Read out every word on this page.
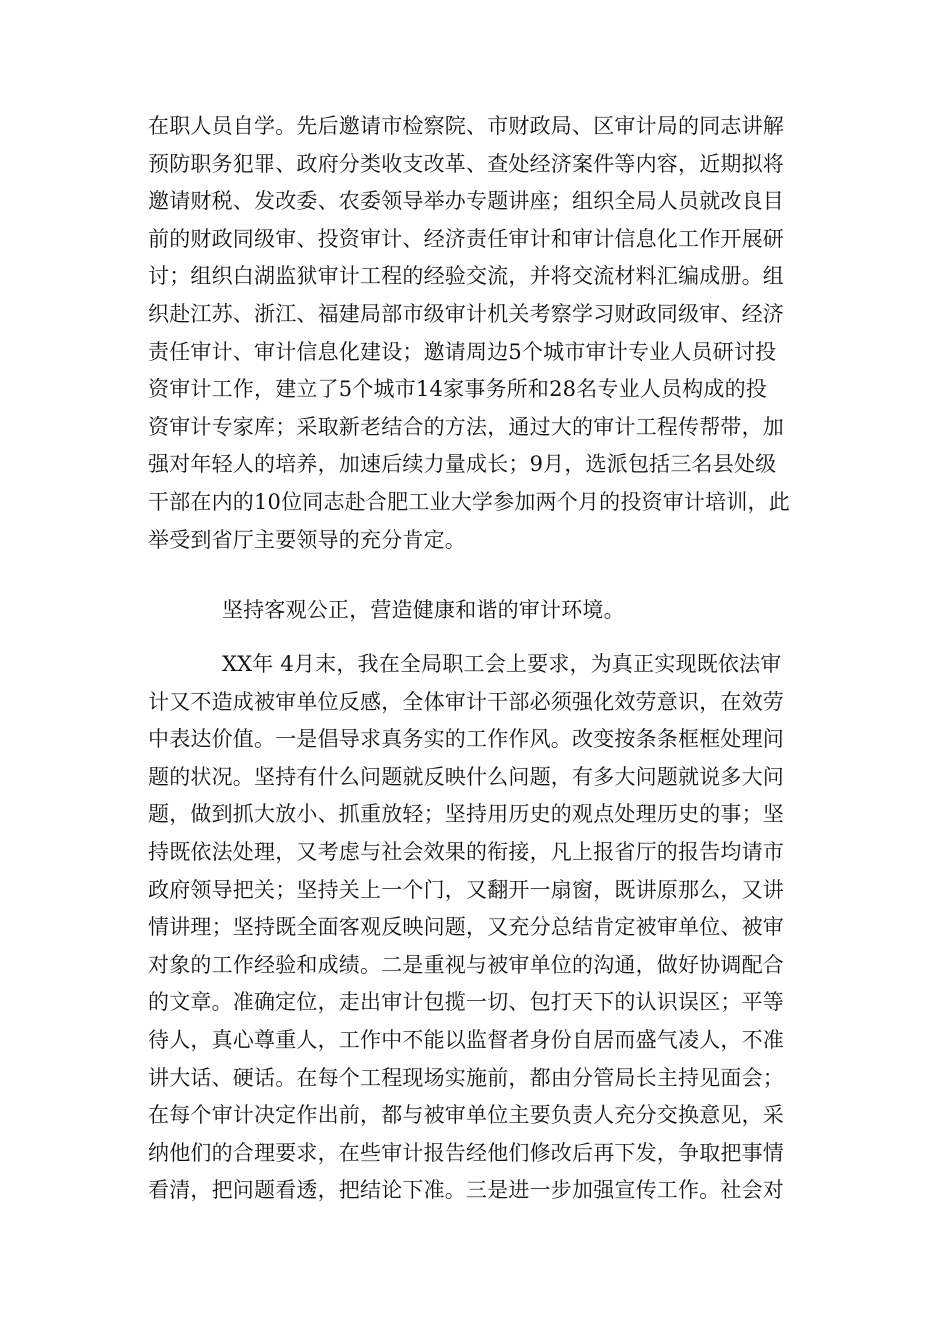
在职人员自学。先后邀请市检察院、市财政局、区审计局的同志讲解
预防职务犯罪、政府分类收支改革、查处经济案件等内容，近期拟将
邀请财税、发改委、农委领导举办专题讲座；组织全局人员就改良目
前的财政同级审、投资审计、经济责任审计和审计信息化工作开展研
讨；组织白湖监狱审计工程的经验交流，并将交流材料汇编成册。组
织赴江苏、浙江、福建局部市级审计机关考察学习财政同级审、经济
责任审计、审计信息化建设；邀请周边5个城市审计专业人员研讨投
资审计工作，建立了5个城市14家事务所和28名专业人员构成的投
资审计专家库；采取新老结合的方法，通过大的审计工程传帮带，加
强对年轻人的培养，加速后续力量成长；9月，选派包括三名县处级
干部在内的10位同志赴合肥工业大学参加两个月的投资审计培训，此
举受到省厅主要领导的充分肯定。
坚持客观公正，营造健康和谐的审计环境。
XX年 4月末，我在全局职工会上要求，为真正实现既依法审
计又不造成被审单位反感，全体审计干部必须强化效劳意识，在效劳
中表达价值。一是倡导求真务实的工作作风。改变按条条框框处理问
题的状况。坚持有什么问题就反映什么问题，有多大问题就说多大问
题，做到抓大放小、抓重放轻；坚持用历史的观点处理历史的事；坚
持既依法处理，又考虑与社会效果的衔接，凡上报省厅的报告均请市
政府领导把关；坚持关上一个门，又翻开一扇窗，既讲原那么，又讲
情讲理；坚持既全面客观反映问题，又充分总结肯定被审单位、被审
对象的工作经验和成绩。二是重视与被审单位的沟通，做好协调配合
的文章。准确定位，走出审计包揽一切、包打天下的认识误区；平等
待人，真心尊重人，工作中不能以监督者身份自居而盛气凌人，不准
讲大话、硬话。在每个工程现场实施前，都由分管局长主持见面会；
在每个审计决定作出前，都与被审单位主要负责人充分交换意见，采
纳他们的合理要求，在些审计报告经他们修改后再下发，争取把事情
看清，把问题看透，把结论下准。三是进一步加强宣传工作。社会对
